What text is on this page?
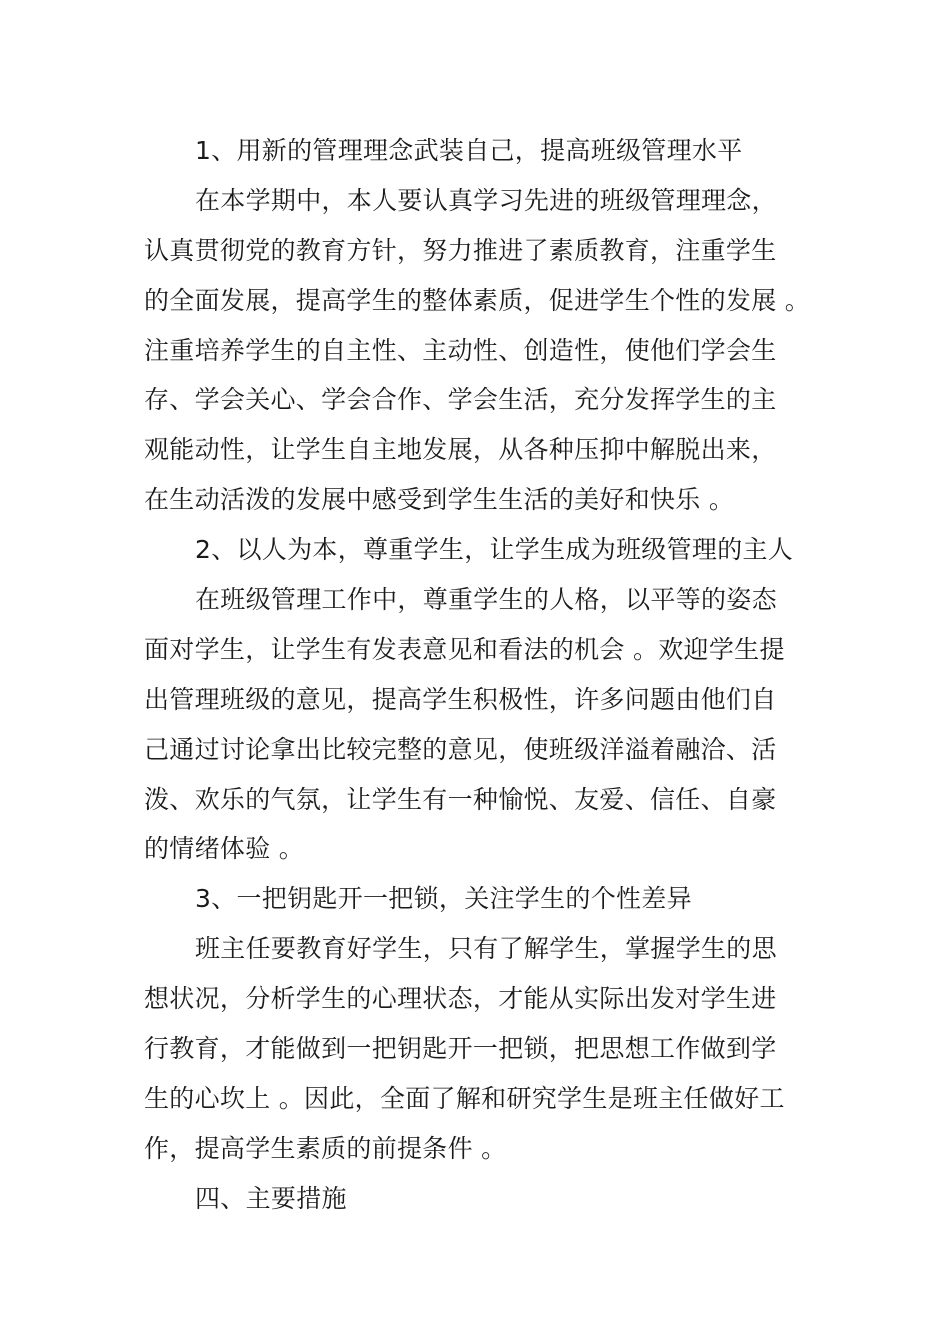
1、用新的管理理念武装自己，提高班级管理水平
在本学期中，本人要认真学习先进的班级管理理念，
认真贯彻党的教育方针，努力推进了素质教育，注重学生
的全面发展，提高学生的整体素质，促进学生个性的发展 。
注重培养学生的自主性、主动性、创造性，使他们学会生
存、学会关心、学会合作、学会生活，充分发挥学生的主
观能动性，让学生自主地发展，从各种压抑中解脱出来，
在生动活泼的发展中感受到学生生活的美好和快乐 。
2、以人为本，尊重学生，让学生成为班级管理的主人
在班级管理工作中，尊重学生的人格，以平等的姿态
面对学生，让学生有发表意见和看法的机会 。欢迎学生提
出管理班级的意见，提高学生积极性，许多问题由他们自
己通过讨论拿出比较完整的意见，使班级洋溢着融洽、活
泼、欢乐的气氛，让学生有一种愉悦、友爱、信任、自豪
的情绪体验 。
3、一把钥匙开一把锁，关注学生的个性差异
班主任要教育好学生，只有了解学生，掌握学生的思
想状况，分析学生的心理状态，才能从实际出发对学生进
行教育，才能做到一把钥匙开一把锁，把思想工作做到学
生的心坎上 。因此，全面了解和研究学生是班主任做好工
作，提高学生素质的前提条件 。
四、主要措施
